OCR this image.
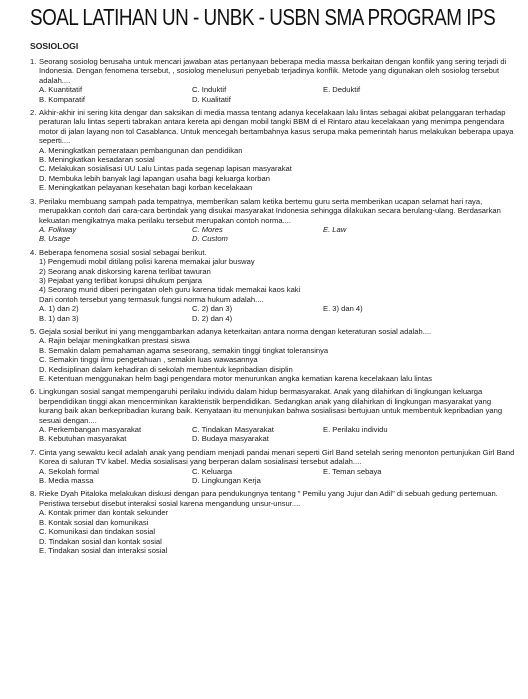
SOAL LATIHAN UN - UNBK - USBN SMA PROGRAM IPS
SOSIOLOGI
1. Seorang sosiolog berusaha untuk mencari jawaban atas pertanyaan beberapa media massa berkaitan dengan konflik yang sering terjadi di Indonesia. Dengan fenomena tersebut, , sosiolog menelusuri penyebab terjadinya konflik. Metode yang digunakan oleh sosiolog tersebut adalah....
A. Kuantitatif	C. Induktif	E. Deduktif
B. Komparatif	D. Kualitatif
2. Akhir-akhir ini sering kita dengar dan saksikan di media massa tentang adanya kecelakaan lalu lintas sebagai akibat pelanggaran terhadap peraturan lalu lintas seperti tabrakan antara kereta api dengan mobil tangki BBM di el Rintaro atau kecelakaan yang menimpa pengendara motor di jalan layang non tol Casablanca. Untuk mencegah bertambahnya kasus serupa maka pemerintah harus melakukan beberapa upaya seperti....
A. Meningkatkan pemerataan pembangunan dan pendidikan
B. Meningkatkan kesadaran sosial
C. Melakukan sosialisasi UU Lalu Lintas pada segenap lapisan masyarakat
D. Membuka lebih banyak lagi lapangan usaha bagi keluarga korban
E. Meningkatkan pelayanan kesehatan bagi korban kecelakaan
3. Perilaku membuang sampah pada tempatnya, memberikan salam ketika bertemu guru serta memberikan ucapan selamat hari raya, merupakkan contoh dari cara-cara bertindak yang disukai masyarakat Indonesia sehingga dilakukan secara berulang-ulang. Berdasarkan kekuatan mengikatnya maka perilaku tersebut merupakan contoh norma....
A. Folkway	C. Mores	E. Law
B. Usage	D. Custom
4. Beberapa fenomena sosial sosial sebagai berikut.
1) Pengemudi mobil ditilang polisi karena memakai jalur busway
2) Seorang anak diskorsing karena terlibat tawuran
3) Pejabat yang terlibat korupsi dihukum penjara
4) Seorang murid diberi peringatan oleh guru karena tidak memakai kaos kaki
Dari contoh tersebut yang termasuk fungsi norma hukum adalah....
A. 1) dan 2)	C. 2) dan 3)	E. 3) dan 4)
B. 1) dan 3)	D. 2) dan 4)
5. Gejala sosial berikut ini yang menggambarkan adanya keterkaitan antara norma dengan keteraturan sosial adalah....
A. Rajin belajar meningkatkan prestasi siswa
B. Semakin dalam pemahaman agama seseorang, semakin tinggi tingkat toleransinya
C. Semakin tinggi ilmu pengetahuan , semakin luas wawasannya
D. Kedisiplinan dalam kehadiran di sekolah membentuk kepribadian disiplin
E. Ketentuan menggunakan helm bagi pengendara motor menurunkan angka kematian karena kecelakaan lalu lintas
6. Lingkungan sosial sangat mempengaruhi perilaku individu dalam hidup bermasyarakat. Anak yang dilahirkan di lingkungan keluarga berpendidikan tinggi akan mencerminkan karakteristik berpendidikan. Sedangkan anak yang dilahirkan di lingkungan masyarakat yang kurang baik akan berkepribadian kurang baik. Kenyataan itu menunjukan bahwa sosialisasi bertujuan untuk membentuk kepribadian yang sesuai dengan....
A. Perkembangan masyarakat	C. Tindakan Masyarakat	E. Perilaku individu
B. Kebutuhan masyarakat	D. Budaya masyarakat
7. Cinta yang sewaktu kecil adalah anak yang pendiam menjadi pandai menari seperti Girl Band setelah sering menonton pertunjukan Girl Band Korea di saluran TV kabel. Media sosialisasi yang berperan dalam sosialisasi tersebut adalah....
A. Sekolah formal	C. Keluarga	E. Teman sebaya
B. Media massa	D. Lingkungan Kerja
8. Rieke Dyah Pitaloka melakukan diskusi dengan para pendukungnya tentang " Pemilu yang Jujur dan Adil" di sebuah gedung pertemuan. Peristiwa tersebut disebut interaksi sosial karena mengandung unsur-unsur....
A. Kontak primer dan kontak sekunder
B. Kontak sosial dan komunikasi
C. Komunikasi dan tindakan sosial
D. Tindakan sosial dan kontak sosial
E. Tindakan sosial dan interaksi sosial
